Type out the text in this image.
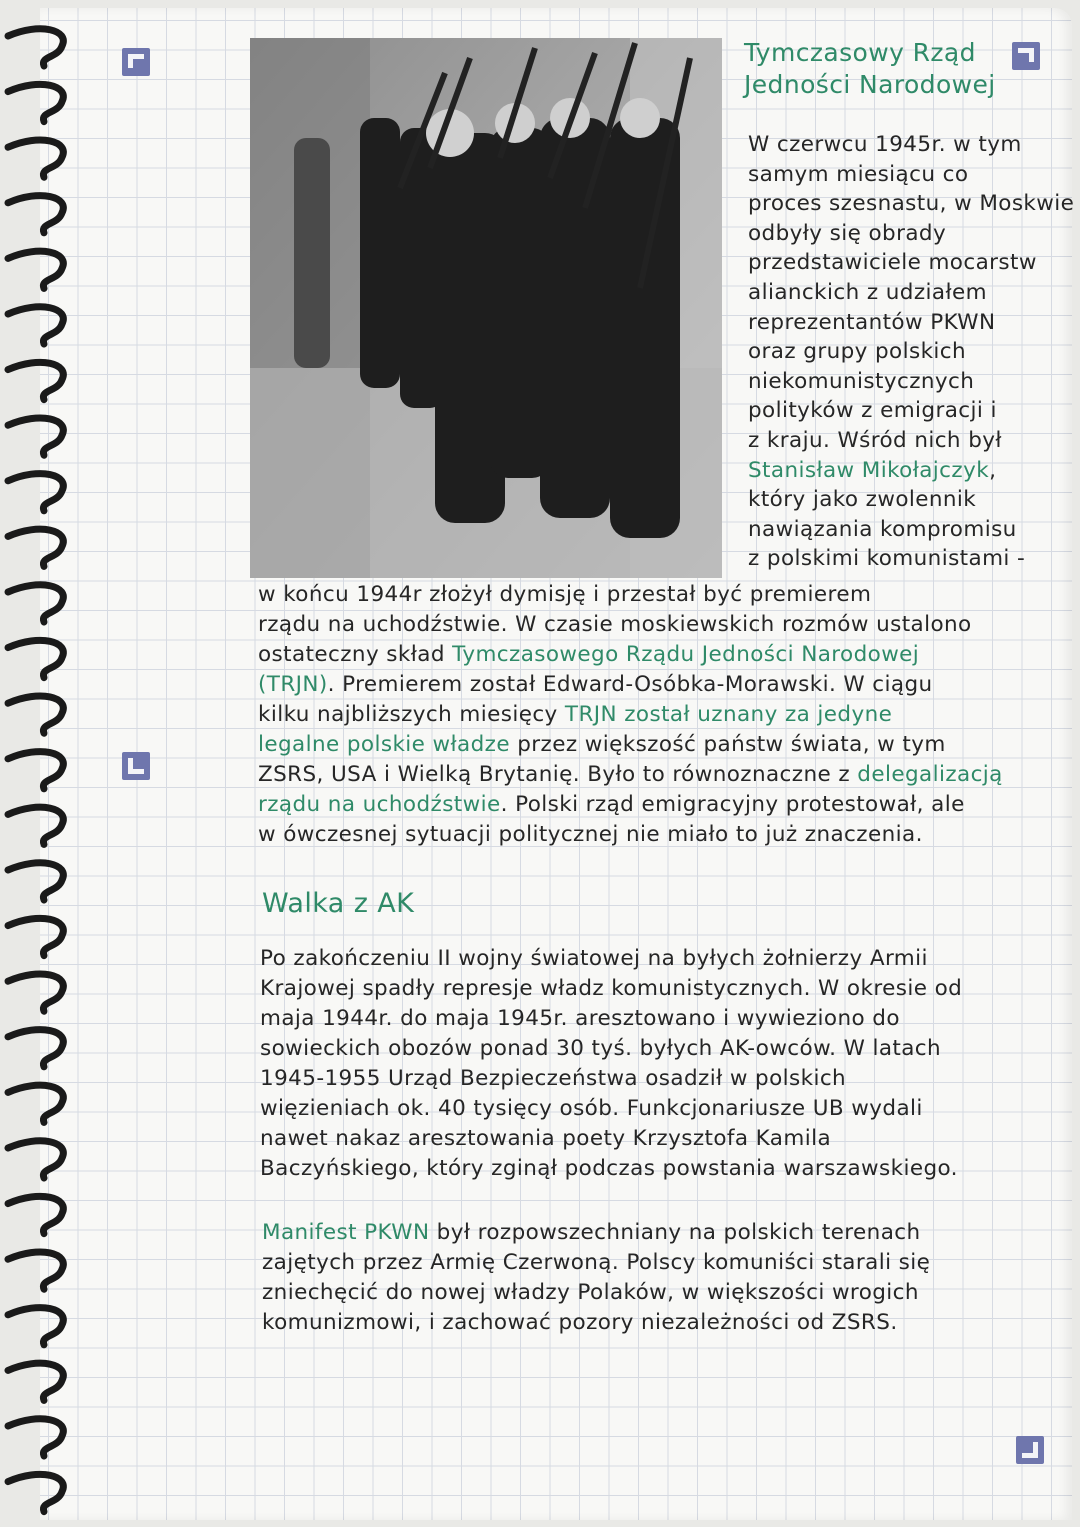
Tymczasowy Rząd
Jedności Narodowej
Walka z AK
W czerwcu 1945r. w tym
samym miesiącu co
proces szesnastu, w Moskwie
odbyły się obrady
przedstawiciele mocarstw
alianckich z udziałem
reprezentantów PKWN
oraz grupy polskich
niekomunistycznych
polityków z emigracji i
z kraju. Wśród nich był
Stanisław Mikołajczyk,
który jako zwolennik
nawiązania kompromisu
z polskimi komunistami -
w końcu 1944r złożył dymisję i przestał być premierem
rządu na uchodźstwie. W czasie moskiewskich rozmów ustalono
ostateczny skład Tymczasowego Rządu Jedności Narodowej
(TRJN). Premierem został Edward-Osóbka-Morawski. W ciągu
kilku najbliższych miesięcy TRJN został uznany za jedyne
legalne polskie władze przez większość państw świata, w tym
ZSRS, USA i Wielką Brytanię. Było to równoznaczne z delegalizacją
rządu na uchodźstwie. Polski rząd emigracyjny protestował, ale
w ówczesnej sytuacji politycznej nie miało to już znaczenia.
Po zakończeniu II wojny światowej na byłych żołnierzy Armii
Krajowej spadły represje władz komunistycznych. W okresie od
maja 1944r. do maja 1945r. aresztowano i wywieziono do
sowieckich obozów ponad 30 tyś. byłych AK-owców. W latach
1945-1955 Urząd Bezpieczeństwa osadził w polskich
więzieniach ok. 40 tysięcy osób. Funkcjonariusze UB wydali
nawet nakaz aresztowania poety Krzysztofa Kamila
Baczyńskiego, który zginął podczas powstania warszawskiego.
Manifest PKWN był rozpowszechniany na polskich terenach
zajętych przez Armię Czerwoną. Polscy komuniści starali się
zniechęcić do nowej władzy Polaków, w większości wrogich
komunizmowi, i zachować pozory niezależności od ZSRS.
